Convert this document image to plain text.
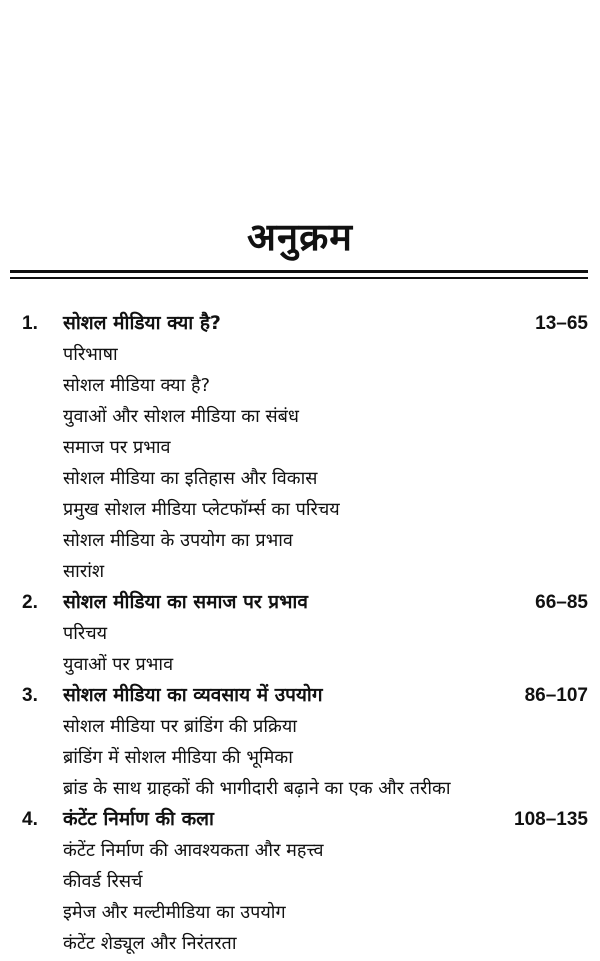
अनुक्रम
1. सोशल मीडिया क्या है?	13–65
परिभाषा
सोशल मीडिया क्या है?
युवाओं और सोशल मीडिया का संबंध
समाज पर प्रभाव
सोशल मीडिया का इतिहास और विकास
प्रमुख सोशल मीडिया प्लेटफॉर्म्स का परिचय
सोशल मीडिया के उपयोग का प्रभाव
सारांश
2. सोशल मीडिया का समाज पर प्रभाव	66–85
परिचय
युवाओं पर प्रभाव
3. सोशल मीडिया का व्यवसाय में उपयोग	86–107
सोशल मीडिया पर ब्रांडिंग की प्रक्रिया
ब्रांडिंग में सोशल मीडिया की भूमिका
ब्रांड के साथ ग्राहकों की भागीदारी बढ़ाने का एक और तरीका
4. कंटेंट निर्माण की कला	108–135
कंटेंट निर्माण की आवश्यकता और महत्त्व
कीवर्ड रिसर्च
इमेज और मल्टीमीडिया का उपयोग
कंटेंट शेड्यूल और निरंतरता
